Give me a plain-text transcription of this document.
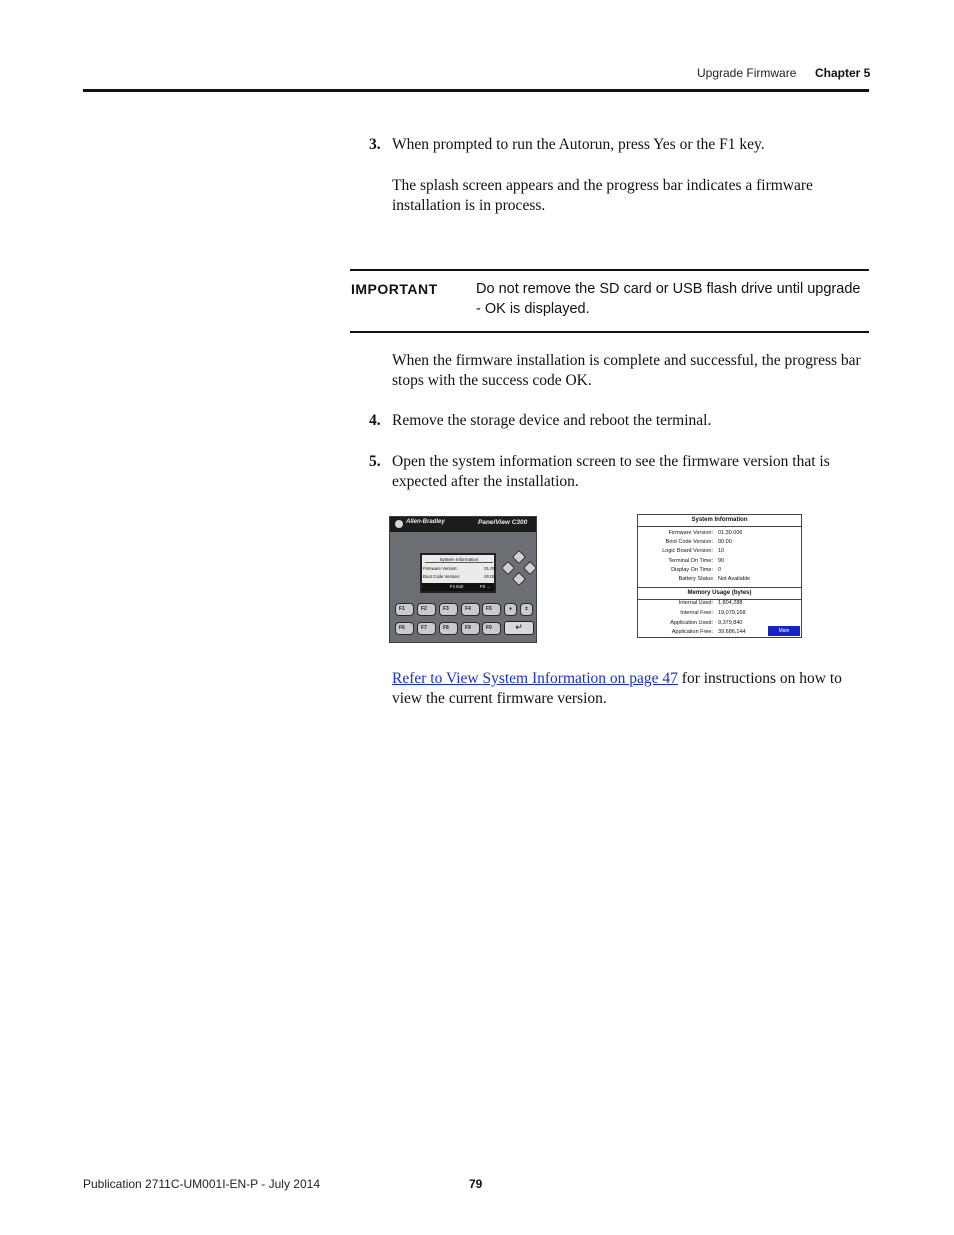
Upgrade Firmware Chapter 5
3. When prompted to run the Autorun, press Yes or the F1 key.
The splash screen appears and the progress bar indicates a firmware installation is in process.
IMPORTANT	Do not remove the SD card or USB flash drive until upgrade - OK is displayed.
When the firmware installation is complete and successful, the progress bar stops with the success code OK.
4. Remove the storage device and reboot the terminal.
5. Open the system information screen to see the firmware version that is expected after the installation.
Allen-Bradley	PanelView C300
System Information
Firmware Version:	01.00
Boot Code Version:	00.00
F4 Exit	F5 →
F1	F2	F3	F4	F5	●	±
F6	F7	F8	F9	F0	↵
System Information
Firmware Version: 01.30.006
Boot Code Version: 00.00
Logic Board Version: 10
Terminal On Time: 90
Display On Time: 0
Battery Status Not Available
Memory Usage (bytes)
Internal Used: 1,804,288
Internal Free: 19,079,168
Application Used: 9,379,840
Application Free: 39,686,144	Main
Refer to View System Information on page 47 for instructions on how to view the current firmware version.
Publication 2711C-UM001I-EN-P - July 2014	79
